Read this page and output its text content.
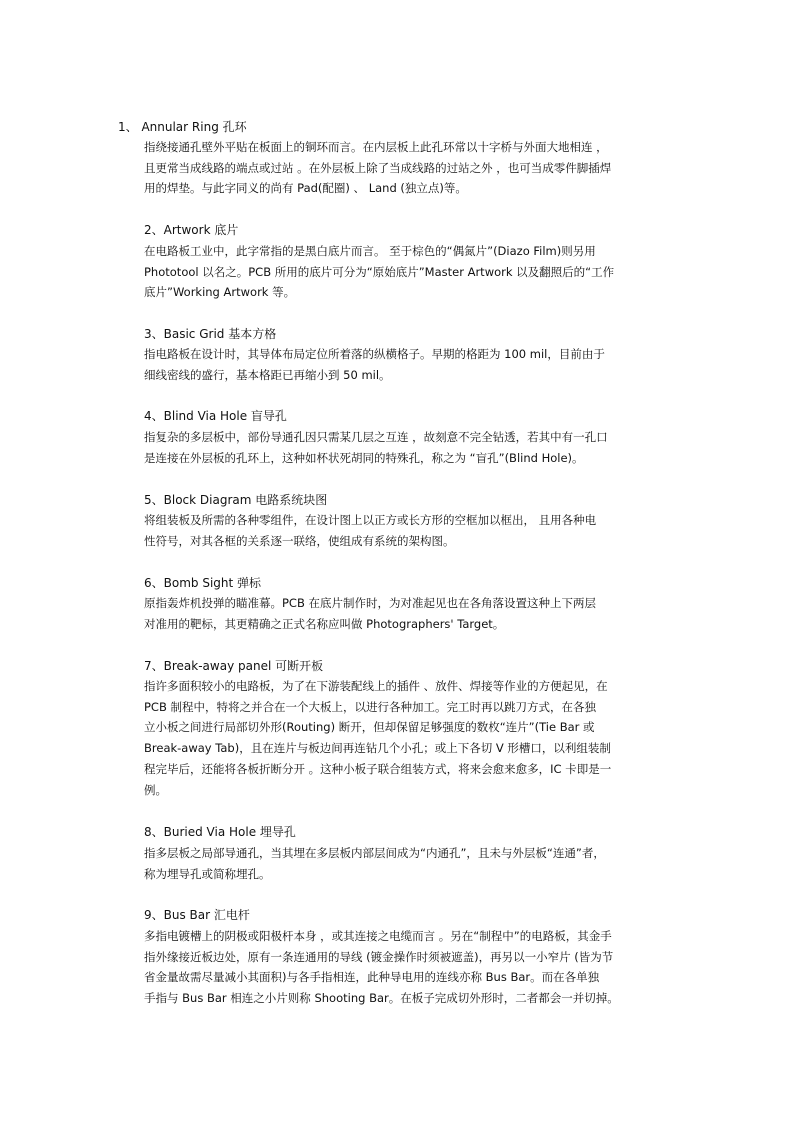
1、 Annular Ring 孔环
指绕接通孔壁外平贴在板面上的铜环而言。在内层板上此孔环常以十字桥与外面大地相连 ，
且更常当成线路的端点或过站 。在外层板上除了当成线路的过站之外 ，也可当成零件脚插焊
用的焊垫。与此字同义的尚有 Pad(配圈) 、 Land (独立点)等。
2、Artwork 底片
在电路板工业中，此字常指的是黑白底片而言。 至于棕色的“偶氮片”(Diazo Film)则另用
Phototool 以名之。PCB 所用的底片可分为“原始底片”Master Artwork 以及翻照后的“工作
底片”Working Artwork 等。
3、Basic Grid 基本方格
指电路板在设计时，其导体布局定位所着落的纵横格子。早期的格距为 100 mil，目前由于
细线密线的盛行，基本格距已再缩小到 50 mil。
4、Blind Via Hole 盲导孔
指复杂的多层板中，部份导通孔因只需某几层之互连 ，故刻意不完全钻透，若其中有一孔口
是连接在外层板的孔环上，这种如杯状死胡同的特殊孔，称之为 “盲孔”(Blind Hole)。
5、Block Diagram 电路系统块图
将组装板及所需的各种零组件，在设计图上以正方或长方形的空框加以框出， 且用各种电
性符号，对其各框的关系逐一联络，使组成有系统的架构图。
6、Bomb Sight 弹标
原指轰炸机投弹的瞄准幕。PCB 在底片制作时，为对准起见也在各角落设置这种上下两层
对准用的靶标，其更精确之正式名称应叫做 Photographers' Target。
7、Break-away panel 可断开板
指许多面积较小的电路板，为了在下游装配线上的插件 、放件、焊接等作业的方便起见，在
PCB 制程中，特将之并合在一个大板上，以进行各种加工。完工时再以跳刀方式，在各独
立小板之间进行局部切外形(Routing) 断开，但却保留足够强度的数枚“连片”(Tie Bar 或
Break-away Tab)，且在连片与板边间再连钻几个小孔；或上下各切 V 形槽口，以利组装制
程完毕后，还能将各板折断分开 。这种小板子联合组装方式，将来会愈来愈多，IC 卡即是一
例。
8、Buried Via Hole 埋导孔
指多层板之局部导通孔，当其埋在多层板内部层间成为“内通孔”，且未与外层板“连通”者，
称为埋导孔或简称埋孔。
9、Bus Bar 汇电杆
多指电镀槽上的阴极或阳极杆本身 ，或其连接之电缆而言 。另在“制程中”的电路板，其金手
指外缘接近板边处，原有一条连通用的导线 (镀金操作时须被遮盖)，再另以一小窄片 (皆为节
省金量故需尽量减小其面积)与各手指相连，此种导电用的连线亦称 Bus Bar。而在各单独
手指与 Bus Bar 相连之小片则称 Shooting Bar。在板子完成切外形时，二者都会一并切掉。
